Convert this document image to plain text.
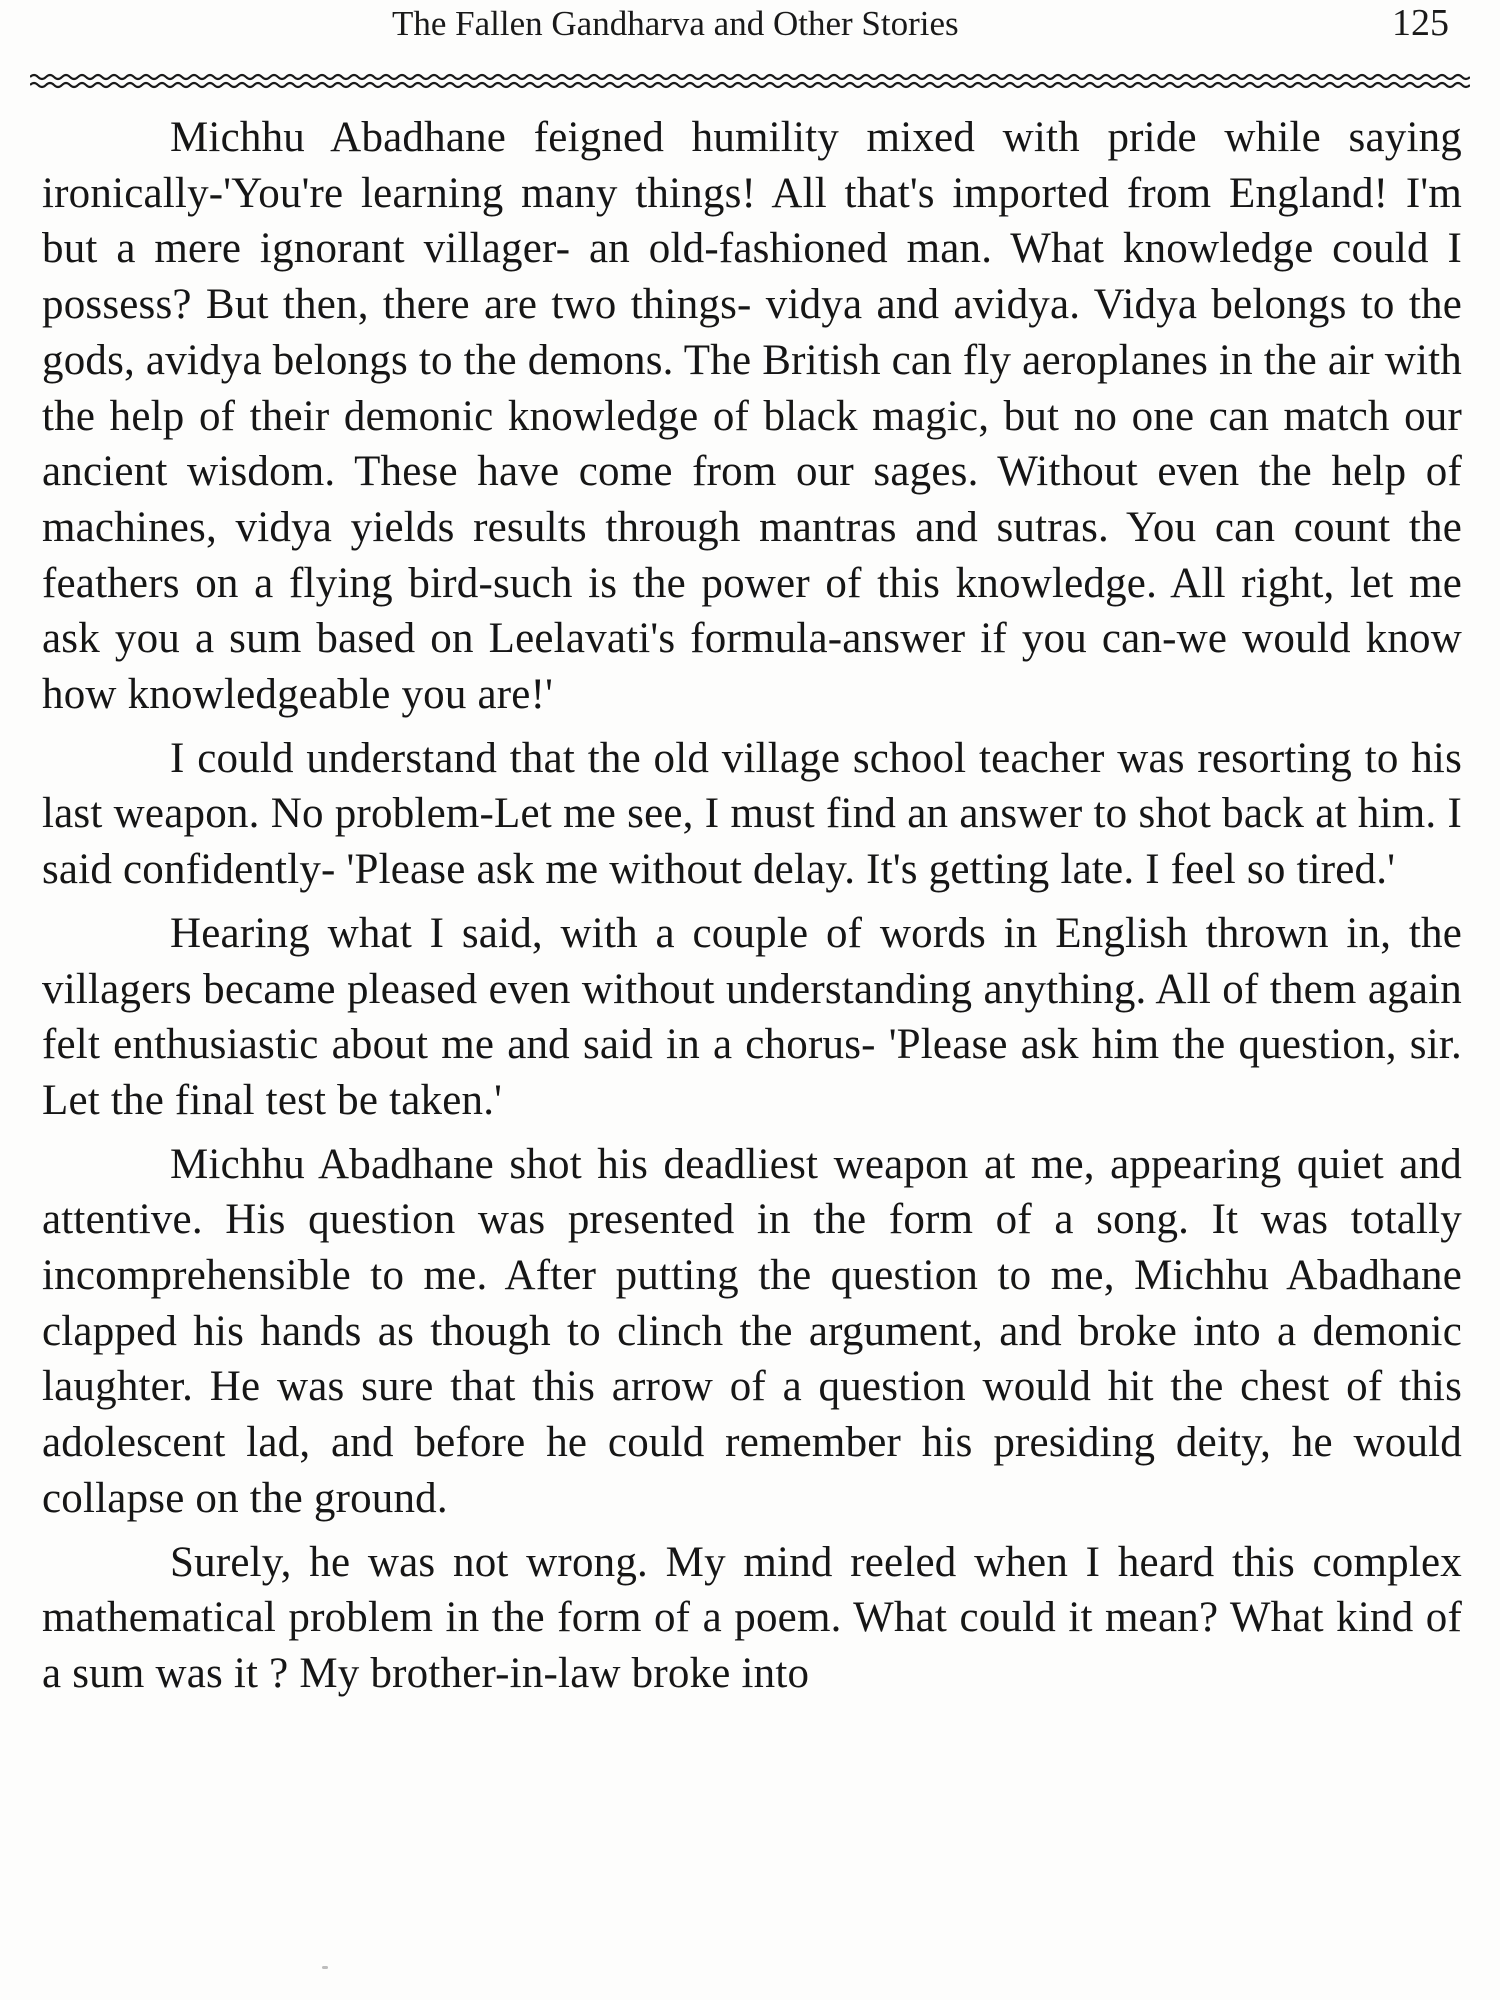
The Fallen Gandharva and Other Stories	125

Michhu Abadhane feigned humility mixed with pride while saying ironically-'You're learning many things! All that's imported from England! I'm but a mere ignorant villager- an old-fashioned man. What knowledge could I possess? But then, there are two things- vidya and avidya. Vidya belongs to the gods, avidya belongs to the demons. The British can fly aeroplanes in the air with the help of their demonic knowledge of black magic, but no one can match our ancient wisdom. These have come from our sages. Without even the help of machines, vidya yields results through mantras and sutras. You can count the feathers on a flying bird-such is the power of this knowledge. All right, let me ask you a sum based on Leelavati's formula-answer if you can-we would know how knowledgeable you are!'

I could understand that the old village school teacher was resorting to his last weapon. No problem-Let me see, I must find an answer to shot back at him. I said confidently- 'Please ask me without delay. It's getting late. I feel so tired.'

Hearing what I said, with a couple of words in English thrown in, the villagers became pleased even without understanding anything. All of them again felt enthusiastic about me and said in a chorus- 'Please ask him the question, sir. Let the final test be taken.'

Michhu Abadhane shot his deadliest weapon at me, appearing quiet and attentive. His question was presented in the form of a song. It was totally incomprehensible to me. After putting the question to me, Michhu Abadhane clapped his hands as though to clinch the argument, and broke into a demonic laughter. He was sure that this arrow of a question would hit the chest of this adolescent lad, and before he could remember his presiding deity, he would collapse on the ground.

Surely, he was not wrong. My mind reeled when I heard this complex mathematical problem in the form of a poem. What could it mean? What kind of a sum was it ? My brother-in-law broke into
